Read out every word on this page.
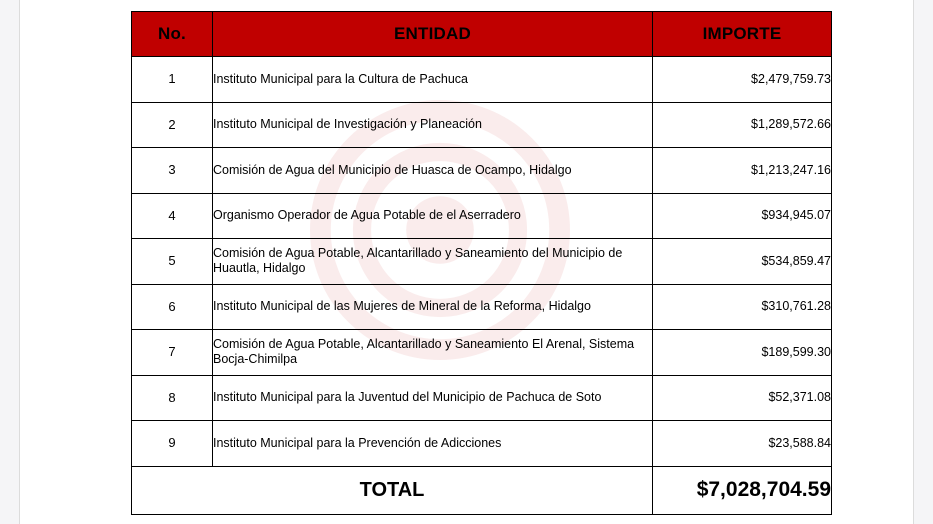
No.	ENTIDAD	IMPORTE
1	Instituto Municipal para la Cultura de Pachuca	$2,479,759.73
2	Instituto Municipal de Investigación y Planeación	$1,289,572.66
3	Comisión de Agua del Municipio de Huasca de Ocampo, Hidalgo	$1,213,247.16
4	Organismo Operador de Agua Potable de el Aserradero	$934,945.07
5	Comisión de Agua Potable, Alcantarillado y Saneamiento del Municipio de Huautla, Hidalgo	$534,859.47
6	Instituto Municipal de las Mujeres de Mineral de la Reforma, Hidalgo	$310,761.28
7	Comisión de Agua Potable, Alcantarillado y Saneamiento El Arenal, Sistema Bocja-Chimilpa	$189,599.30
8	Instituto Municipal para la Juventud del Municipio de Pachuca de Soto	$52,371.08
9	Instituto Municipal para la Prevención de Adicciones	$23,588.84
TOTAL		$7,028,704.59
